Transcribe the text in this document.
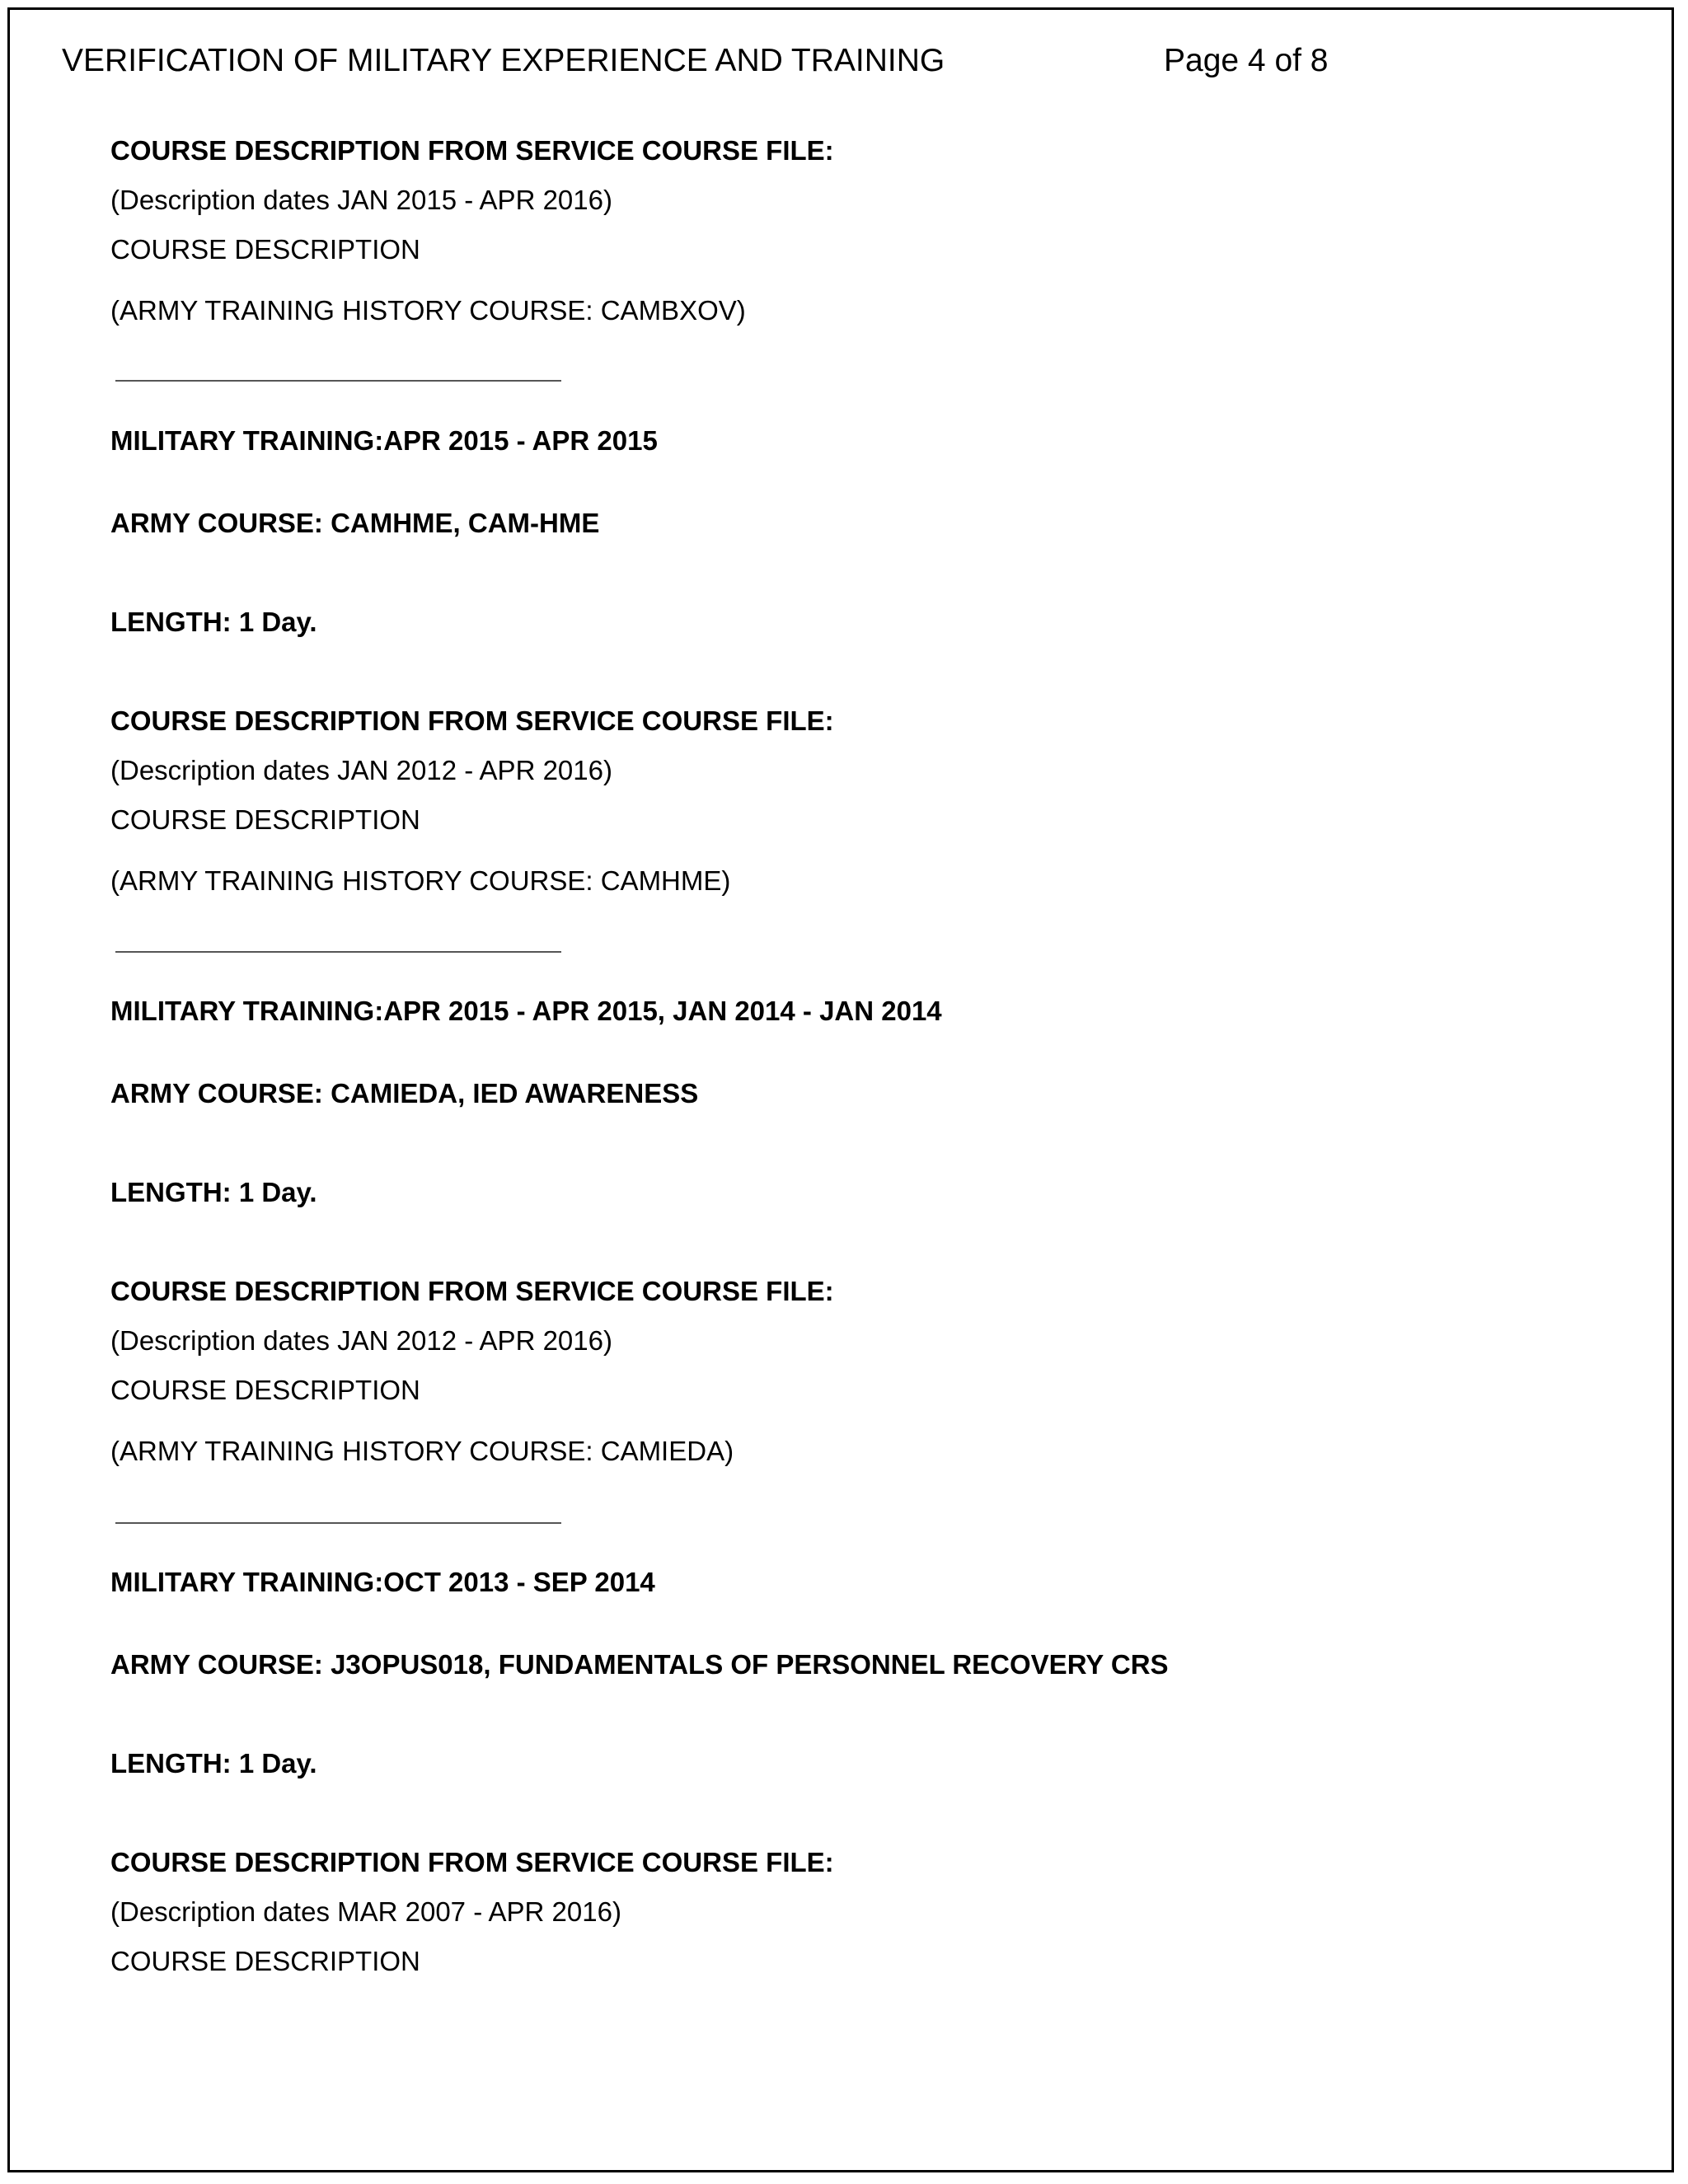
VERIFICATION OF MILITARY EXPERIENCE AND TRAINING	Page 4 of 8
COURSE DESCRIPTION FROM SERVICE COURSE FILE:
(Description dates JAN 2015 - APR 2016)
COURSE DESCRIPTION
(ARMY TRAINING HISTORY COURSE: CAMBXOV)
MILITARY TRAINING:APR 2015 - APR 2015
ARMY COURSE: CAMHME, CAM-HME
LENGTH: 1 Day.
COURSE DESCRIPTION FROM SERVICE COURSE FILE:
(Description dates JAN 2012 - APR 2016)
COURSE DESCRIPTION
(ARMY TRAINING HISTORY COURSE: CAMHME)
MILITARY TRAINING:APR 2015 - APR 2015, JAN 2014 - JAN 2014
ARMY COURSE: CAMIEDA, IED AWARENESS
LENGTH: 1 Day.
COURSE DESCRIPTION FROM SERVICE COURSE FILE:
(Description dates JAN 2012 - APR 2016)
COURSE DESCRIPTION
(ARMY TRAINING HISTORY COURSE: CAMIEDA)
MILITARY TRAINING:OCT 2013 - SEP 2014
ARMY COURSE: J3OPUS018, FUNDAMENTALS OF PERSONNEL RECOVERY CRS
LENGTH: 1 Day.
COURSE DESCRIPTION FROM SERVICE COURSE FILE:
(Description dates MAR 2007 - APR 2016)
COURSE DESCRIPTION
